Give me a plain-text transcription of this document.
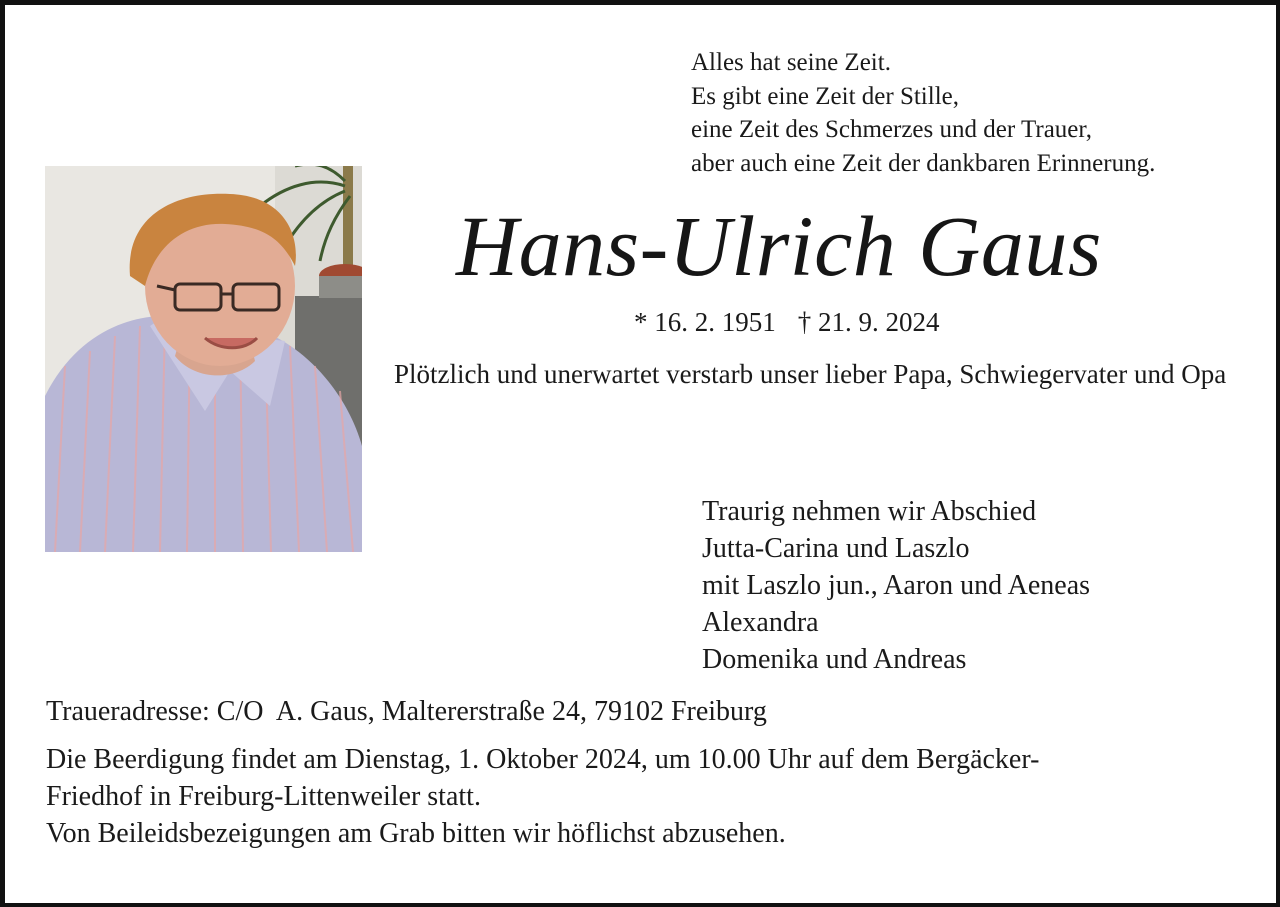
Alles hat seine Zeit.
Es gibt eine Zeit der Stille,
eine Zeit des Schmerzes und der Trauer,
aber auch eine Zeit der dankbaren Erinnerung.
Hans-Ulrich Gaus
* 16. 2. 1951 † 21. 9. 2024
Plötzlich und unerwartet verstarb unser lieber Papa, Schwiegervater und Opa
Traurig nehmen wir Abschied
Jutta-Carina und Laszlo
mit Laszlo jun., Aaron und Aeneas
Alexandra
Domenika und Andreas
Traueradresse: C/O  A. Gaus, Maltererstraße 24, 79102 Freiburg
Die Beerdigung findet am Dienstag, 1. Oktober 2024, um 10.00 Uhr auf dem Bergäcker-
Friedhof in Freiburg-Littenweiler statt.
Von Beileidsbezeigungen am Grab bitten wir höflichst abzusehen.
